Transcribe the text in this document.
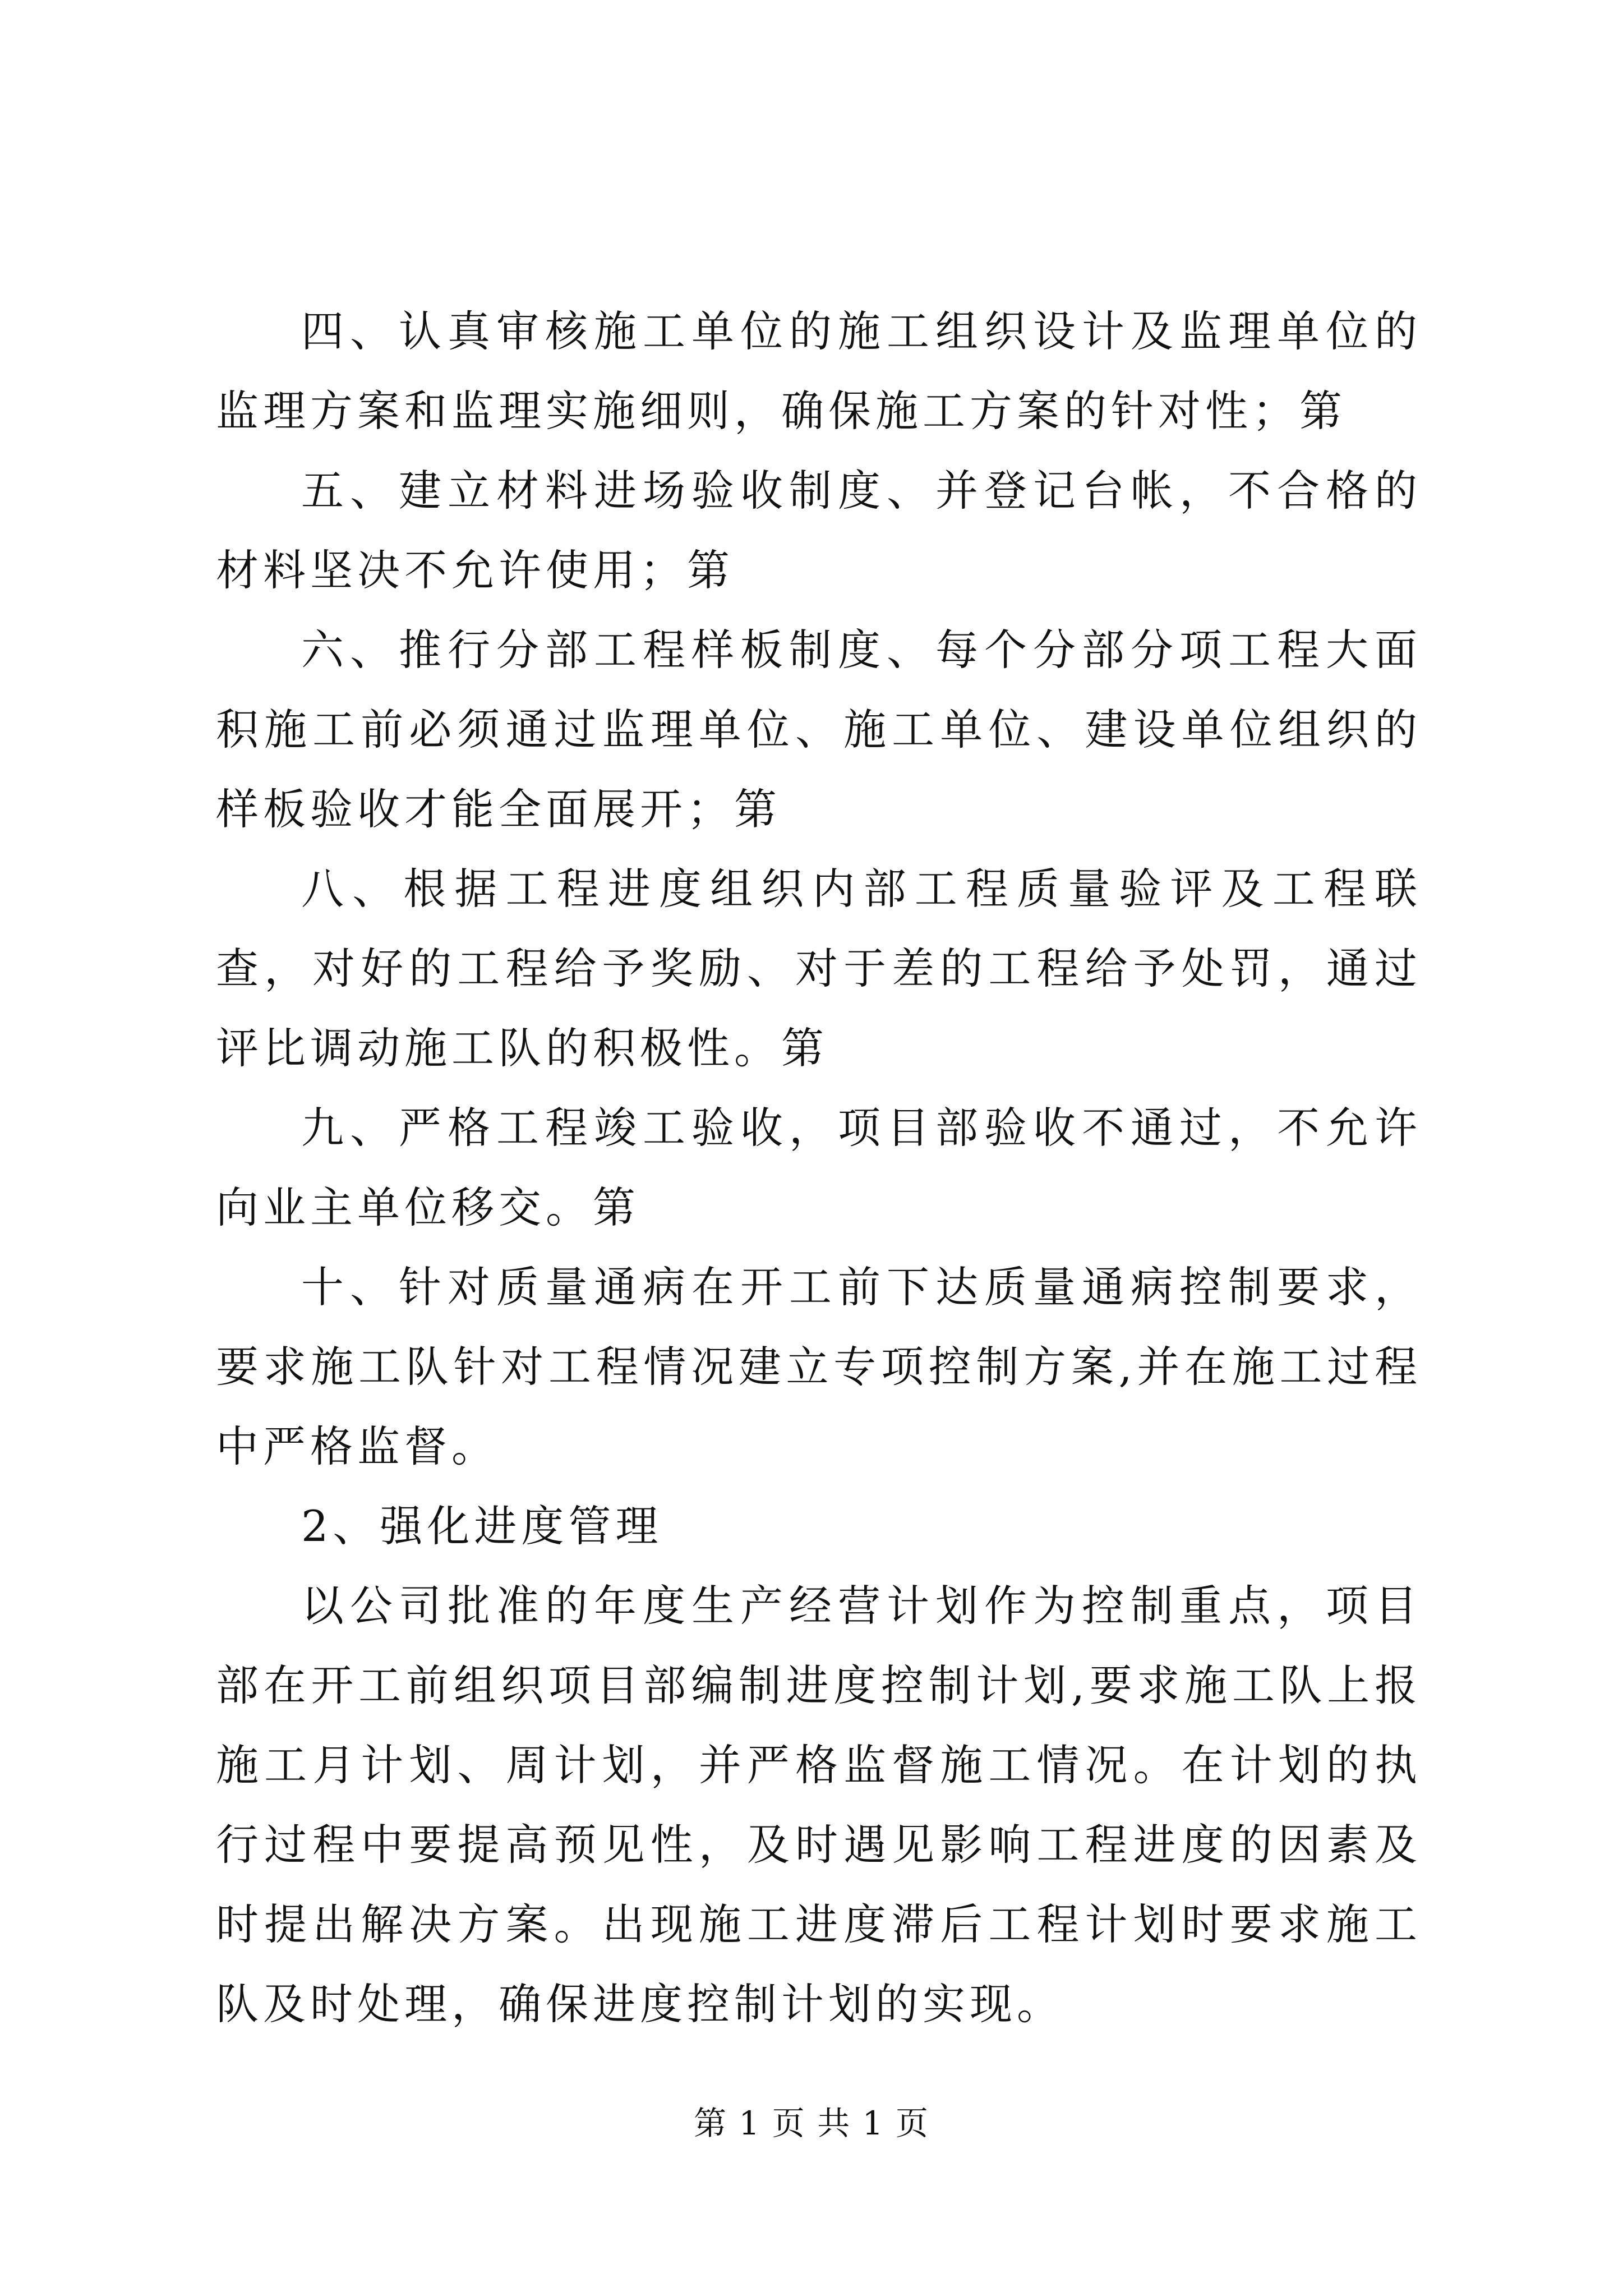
四、认真审核施工单位的施工组织设计及监理单位的监理方案和监理实施细则，确保施工方案的针对性；第

五、建立材料进场验收制度、并登记台帐，不合格的材料坚决不允许使用；第

六、推行分部工程样板制度、每个分部分项工程大面积施工前必须通过监理单位、施工单位、建设单位组织的样板验收才能全面展开；第

八、根据工程进度组织内部工程质量验评及工程联查，对好的工程给予奖励、对于差的工程给予处罚，通过评比调动施工队的积极性。第

九、严格工程竣工验收，项目部验收不通过，不允许向业主单位移交。第

十、针对质量通病在开工前下达质量通病控制要求，要求施工队针对工程情况建立专项控制方案,并在施工过程中严格监督。

2、强化进度管理

以公司批准的年度生产经营计划作为控制重点，项目部在开工前组织项目部编制进度控制计划,要求施工队上报施工月计划、周计划，并严格监督施工情况。在计划的执行过程中要提高预见性，及时遇见影响工程进度的因素及时提出解决方案。出现施工进度滞后工程计划时要求施工队及时处理，确保进度控制计划的实现。

第 1 页 共 1 页
